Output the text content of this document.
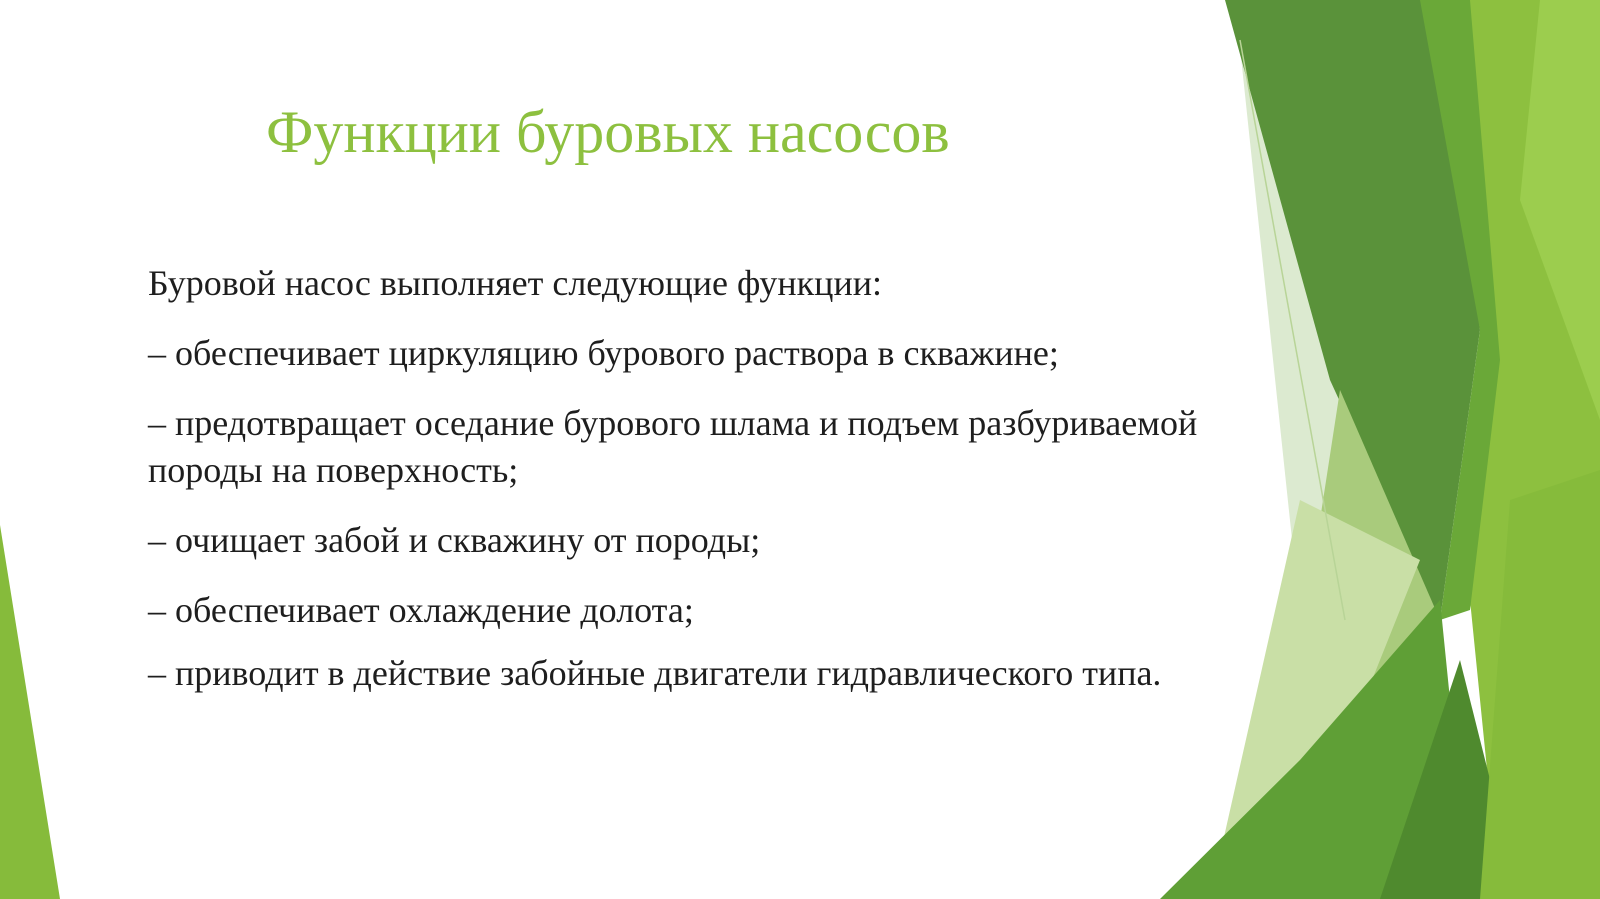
Функции буровых насосов

Буровой насос выполняет следующие функции:

– обеспечивает циркуляцию бурового раствора в скважине;

– предотвращает оседание бурового шлама и подъем разбуриваемой породы на поверхность;

– очищает забой и скважину от породы;

– обеспечивает охлаждение долота;

– приводит в действие забойные двигатели гидравлического типа.
